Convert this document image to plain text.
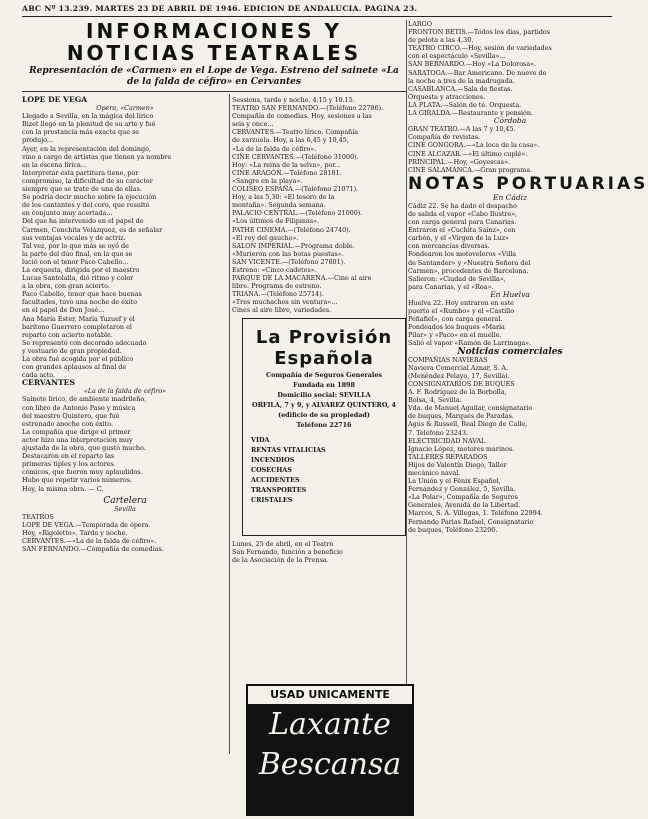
ABC Nº 13.239. MARTES 23 DE ABRIL DE 1946. EDICION DE ANDALUCIA. PAGINA 23.
INFORMACIONES Y NOTICIAS TEATRALES
Representación de «Carmen» en el Lope de Vega. Estreno del sainete «La de la falda de céfiro» en Cervantes
LOPE DE VEGA
Opera, «Carmen»
Llegado a Sevilla, en la mágica del lírico
Bizet llegó en la plenitud de su arte y fué
con la prestancia más exacta que se
produjo...
Ayer, en la representación del domingo,
vino a cargo de artistas que tienen ya nombre
en la escena lírica...
Interpretar esta partitura tiene, por
compromiso, la dificultad de su carácter
siempre que se trate de una de ellas.
Se podría decir mucho sobre la ejecución
de los cantantes y del coro, que resultó
en conjunto muy acertada...
Del que ha intervenido en el papel de
Carmen, Conchita Velázquez, es de señalar
sus ventajas vocales y de actriz.
Tal vez, por lo que más se oyó de
la parte del dúo final, en la que se
lució con el tenor Paco Cabello...
La orquesta, dirigida por el maestro
Lucas Santolalla, dió ritmo y color
a la obra, con gran acierto.
Paco Cabello, tenor que hace buenas
facultades, tuvo una noche de éxito
en el papel de Don José...
Ana María Ester, María Yuzuef y el
barítono Guerrero completaron el
reparto con acierto notable.
Se representó con decorado adecuado
y vestuario de gran propiedad.
La obra fué acogida por el público
con grandes aplausos al final de
cada acto.
CERVANTES
«La de la falda de céfiro»
Sainete lírico, de ambiente madrileño,
con libro de Antonio Paso y música
del maestro Quintero, que fué
estrenado anoche con éxito.
La compañía que dirige el primer
actor hizo una interpretación muy
ajustada de la obra, que gustó mucho.
Destacaron en el reparto las
primeras tiples y los actores
cómicos, que fueron muy aplaudidos.
Hubo que repetir varios números.
Hoy, la misma obra. — C.
Cartelera
Sevilla
TEATROS
LOPE DE VEGA.—Temporada de ópera.
Hoy, «Rigoletto». Tarde y noche.
CERVANTES.—«La de la falda de céfiro».
SAN FERNANDO.—Compañía de comedias.
Sessions, tarde y noche. 4.15 y 10.15.
TEATRO SAN FERNANDO.—(Teléfono 22786).
Compañía de comedias. Hoy, sesiones a las
seis y once...
CERVANTES.—Teatro lírico. Compañía
de zarzuela. Hoy, a las 6,45 y 10,45,
«La de la falda de céfiro».
CINE CERVANTES.—(Teléfono 31000).
Hoy: «La reina de la selva», por...
CINE ARAGÓN.—Teléfono 28181.
«Sangre en la playa».
COLISEO ESPAÑA.—(Teléfono 21071).
Hoy, a las 5,30: «El tesoro de la
montaña». Segunda semana.
PALACIO CENTRAL.—(Teléfono 21000).
«Los últimos de Filipinas».
PATHE CINEMA.—(Teléfono 24740).
«El rey del gaucho».
SALON IMPERIAL.—Programa doble.
«Murieron con las botas puestas».
SAN VICENTE.—(Teléfono 27801).
Estreno: «Cinco cadetes».
PARQUE DE LA MACARENA.—Cine al aire
libre. Programa de estreno.
TRIANA.—(Teléfono 25714).
«Tres muchachos sin ventura»...
Cines al aire libre, variedades.
La Provisión Española
Compañía de Seguros Generales
Fundada en 1898
Domicilio social: SEVILLA
ORFILA, 7 y 9, y ALVAREZ QUINTERO, 4
(edificio de su propiedad)
Teléfono 22716
VIDA
RENTAS VITALICIAS
INCENDIOS
COSECHAS
ACCIDENTES
TRANSPORTES
CRISTALES
Lunes, 25 de abril, en el Teatro
San Fernando, función a beneficio
de la Asociación de la Prensa.
USAD UNICAMENTE
Laxante
Bescansa
LARGO
FRONTON BETIS.—Todos los días, partidos
de pelota a las 4,30.
TEATRO CIRCO.—Hoy, sesión de variedades
con el espectáculo «Sevilla»...
SAN BERNARDO.—Hoy «La Dolorosa».
SARATOGA.—Bar Americano. De nueve de
la noche a tres de la madrugada.
CASABLANCA.—Sala de fiestas.
Orquesta y atracciones.
LA PLATA.—Salón de té. Orquesta.
LA GIRALDA.—Restaurante y pensión.
Córdoba
GRAN TEATRO.—A las 7 y 10,45.
Compañía de revistas.
CINE GONGORA.—«La loca de la casa».
CINE ALCAZAR.—«El último cuplé».
PRINCIPAL.—Hoy, «Goyescas».
CINE SALAMANCA.—Gran programa.
NOTAS PORTUARIAS
En Cádiz
Cádiz 22. Se ha dado el despacho
de salida el vapor «Cabo Ilustre»,
con carga general para Canarias.
Entraron el «Cuchita Sainz», con
carbón, y el «Virgen de la Luz»
con mercancías diversas.
Fondearon los motoveleros «Villa
de Santander» y «Nuestra Señora del
Carmen», procedentes de Barcelona.
Salieron: «Ciudad de Sevilla»,
para Canarias, y el «Roa».
En Huelva
Huelva 22. Hoy entraron en este
puerto el «Rumbo» y el «Castillo
Peñafiel», con carga general.
Fondeados los buques «María
Pilar» y «Paco» en el muelle.
Salió el vapor «Ramón de Larrinaga».
Noticias comerciales
COMPAÑIAS NAVIERAS
Naviera Comercial Aznar, S. A.
(Menéndez Pelayo, 17, Sevilla).
CONSIGNATARIOS DE BUQUES
A. F. Rodríguez de la Borbolla,
Bolsa, 4, Sevilla.
Vda. de Manuel Aguilar, consignatario
de buques, Marqués de Paradas.
Agus & Russell, Real Diego de Calle,
7. Teléfono 23243.
ELECTRICIDAD NAVAL
Ignacio López, motores marinos.
TALLERES REPARADOS
Hijos de Valentín Diego, Taller
mecánico naval.
La Unión y el Fénix Español,
Fernández y González, 5, Sevilla.
«La Polar», Compañía de Seguros
Generales, Avenida de la Libertad.
Marcos, S. A. Villegas, 1. Teléfono 22994.
Fernando Parias Rafael, Consignatario
de buques, Teléfono 23206.
